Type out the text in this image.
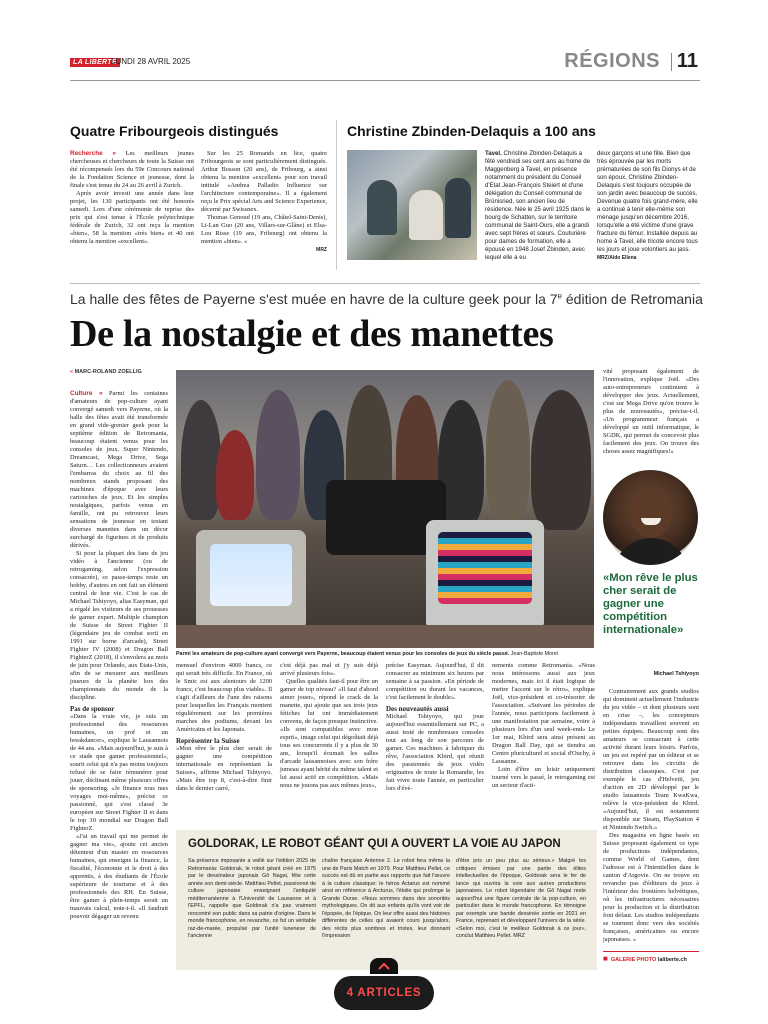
LA LIBERTÉ
LUNDI 28 AVRIL 2025	RÉGIONS 11
Quatre Fribourgeois distingués

Recherche » Les meilleurs jeunes chercheuses et chercheurs de toute la Suisse ont été récompensés lors du 59e Concours national de la Fondation Science et jeunesse, dont la finale s'est tenue du 24 au 26 avril à Zurich.

Après avoir investi une année dans leur projet, les 130 participants ont été honorés samedi. Lors d'une cérémonie de reprise des prix qui s'est tenue à l'École polytechnique fédérale de Zurich, 32 ont reçu la mention «bien», 58 la mention «très bien» et 40 ont obtenu la mention «excellent».

Sur les 25 Romands en lice, quatre Fribourgeois se sont particulièrement distingués. Arthur Bosson (20 ans), de Fribourg, a ainsi obtenu la mention «excellent» pour son travail intitulé «Andrea Palladio Influence sur l'architecture contemporaine». Il a également reçu le Prix spécial Arts and Science Experience, décerné par Swissnex.

Thomas Genoud (19 ans, Châtel-Saint-Denis), Li-Lan Guo (20 ans, Villars-sur-Glâne) et Elsa-Lou Risse (19 ans, Fribourg) ont obtenu la mention «bien». »

MRZ
Christine Zbinden-Delaquis a 100 ans
Tavel. Christine Zbinden-Delaquis a fêté vendredi ses cent ans au home de Maggenberg à Tavel, en présence notamment du président du Conseil d'Etat Jean-François Steiert et d'une délégation du Conseil communal de Brünisried, son ancien lieu de résidence. Née le 25 avril 1925 dans le bourg de Schatten, sur le territoire communal de Saint-Ours, elle a grandi avec sept frères et sœurs. Couturière pour dames de formation, elle a épousé en 1948 Josef Zbinden, avec lequel elle a eu
deux garçons et une fille. Bien que très éprouvée par les morts prématurées de son fils Dionys et de son époux, Christine Zbinden-Delaquis s'est toujours occupée de son jardin avec beaucoup de succès. Devenue quatre fois grand-mère, elle a continué à tenir elle-même son ménage jusqu'en décembre 2016, lorsqu'elle a été victime d'une grave fracture du fémur. Installée depuis au home à Tavel, elle tricote encore tous les jours et joue volontiers au jass. MRZ/Aldo Ellena
La halle des fêtes de Payerne s'est muée en havre de la culture geek pour la 7e édition de Retromania
De la nostalgie et des manettes
« MARC-ROLAND ZOELLIG

Culture » Parmi les centaines d'amateurs de pop-culture ayant convergé samedi vers Payerne, où la halle des fêtes avait été transformée en grand vide-grenier geek pour la septième édition de Retromania, beaucoup étaient venus pour les consoles de jeux. Super Nintendo, Dreamcast, Mega Drive, Sega Saturn… Les collectionneurs avaient l'embarras du choix au fil des nombreux stands proposant des machines d'époque avec leurs cartouches de jeux. Et les simples nostalgiques, parfois venus en famille, ont pu retrouver leurs sensations de jeunesse en testant diverses manettes dans un décor surchargé de figurines et de produits dérivés.

Si pour la plupart des fans de jeu vidéo à l'ancienne (ou de retrogaming, selon l'expression consacrée), ce passe-temps reste un hobby, d'autres en ont fait un élément central de leur vie. C'est le cas de Michael Tshiyoyo, alias Easyman, qui a régalé les visiteurs de ses prouesses de gamer expert. Multiple champion de Suisse de Street Fighter II (légendaire jeu de combat sorti en 1991 sur borne d'arcade), Street Fighter IV (2008) et Dragon Ball FighterZ (2018), il s'envolera au mois de juin pour Orlando, aux Etats-Unis, afin de se mesurer aux meilleurs joueurs de la planète lors des championnats du monde de la discipline.

Pas de sponsor

«Dans la vraie vie, je suis un professionnel des ressources humaines, un prof et un breakdancer», explique le Lausannois de 44 ans. «Mais aujourd'hui, je suis à ce stade que gamer professionnel», sourit celui qui n'a pas moins toujours refusé de se faire rémunérer pour jouer, déclinant même plusieurs offres de sponsoring. «Je finance tous mes voyages moi-même», précise ce passionné, qui s'est classé 3e européen sur Street Fighter II et dans le top 10 mondial sur Dragon Ball FighterZ.

«J'ai un travail qui me permet de gagner ma vie», ajoute cet ancien détenteur d'un master en ressources humaines, qui enseigne la finance, la fiscalité, l'économie et le droit à des apprentis, à des étudiants de l'École supérieure de tourisme et à des professionnels des RH. En Suisse, être gamer à plein-temps serait un mauvais calcul, note-t-il. «Il faudrait pouvoir dégager un revenu

Parmi les amateurs de pop-culture ayant convergé vers Payerne, beaucoup étaient venus pour les consoles de jeux du siècle passé. Jean-Baptiste Morel

mensuel d'environ 4000 francs, ce qui serait très difficile. En France, où le Smic est aux alentours de 1200 francs, c'est beaucoup plus viable». Il s'agit d'ailleurs de l'une des raisons pour lesquelles les Français montent régulièrement sur les premières marches des podiums, devant les Américains et les Japonais.

Représenter la Suisse

«Mon rêve le plus cher serait de gagner une compétition internationale en représentant la Suisse», affirme Michael Tshiyoyo. «Mais être top 8, c'est-à-dire finir dans le dernier carré,

c'est déjà pas mal et j'y suis déjà arrivé plusieurs fois».

Quelles qualités faut-il pour être un gamer de top niveau? «Il faut d'abord aimer jouer», répond le crack de la manette, qui ajoute que ses trois jeux fétiches lui ont immédiatement convenu, de façon presque instinctive. «Ils sont compatibles avec mon esprit», image celui qui dégoûtait déjà tous ses concurrents il y a plus de 30 ans, lorsqu'il écumait les salles d'arcade lausannoises avec son frère jumeau ayant hérité du même talent et lui aussi actif en compétition. «Mais nous ne jouons pas aux mêmes jeux»,

précise Easyman. Aujourd'hui, il dit consacrer au minimum six heures par semaine à sa passion. «En période de compétition ou durant les vacances, c'est facilement le double».

Des nouveautés aussi

Michael Tshiyoyo, qui joue aujourd'hui essentiellement sur PC, a aussi testé de nombreuses consoles tout au long de son parcours de gamer. Ces machines à fabriquer du rêve, l'association Kbird, qui réunit des passionnés de jeux vidéo originaires de toute la Romandie, les fait vivre toute l'année, en particulier lors d'évé-

nements comme Retromania. «Nous nous intéressons aussi aux jeux modernes, mais ici il était logique de mettre l'accent sur le rétro», explique Joël, vice-président et co-trésorier de l'association. «Suivant les périodes de l'année, nous participons facilement à une manifestation par semaine, voire à plusieurs lors d'un seul week-end» Le 1er mai, Kbird sera ainsi présent au Dragon Ball Day, qui se tiendra au Centre pluriculturel et social d'Ouchy, à Lausanne.

Loin d'être un loisir uniquement tourné vers le passé, le retrogaming est un secteur d'acti-

vité proposant également de l'innovation, explique Joël. «Des auto-entrepreneurs continuent à développer des jeux. Actuellement, c'est sur Mega Drive qu'on trouve le plus de nouveautés», précise-t-il. «Un programmeur français a développé un outil informatique, le SGDK, qui permet de concevoir plus facilement des jeux. On trouve des choses assez magnifiques!»

«Mon rêve le plus cher serait de gagner une compétition internationale»
Michael Tshiyoyo

Contrairement aux grands studios qui dominent actuellement l'industrie du jeu vidéo – et dont plusieurs sont en crise –, les concepteurs indépendants travaillent souvent en petites équipes. Beaucoup sont des amateurs se consacrant à cette activité durant leurs loisirs. Parfois, un jeu est repéré par un éditeur et se retrouve dans les circuits de distribution classiques. C'est par exemple le cas d'Helvetii, jeu d'action en 2D développé par le studio lausannois Team KwaKwa, relève le vice-président de Kbird. «Aujourd'hui, il est notamment disponible sur Steam, PlayStation 4 et Nintendo Switch.»

Des magasins en ligne basés en Suisse proposent également ce type de productions indépendantes, comme World of Games, dont l'adresse est à l'Intentiellen dans le canton d'Argovie. On ne trouve en revanche pas d'éditeurs de jeux à l'intérieur des frontières helvétiques, où les infrastructures nécessaires pour la production et la distribution font défaut. Les studios indépendants se tournent donc vers des sociétés françaises, américaines ou encore japonaises. »

GOLDORAK, LE ROBOT GÉANT QUI A OUVERT LA VOIE AU JAPON
Sa présence imposante a veillé sur l'édition 2025 de Retromania: Goldorak, le robot géant créé en 1975 par le dessinateur japonais Gô Nagai, fête cette année son demi-siècle. Matthieu Pellet, passionné de culture japonaise enseignant l'antiquité méditerranéenne à l'Université de Lausanne et à l'EPFL, rappelle que Goldorak n'a pas vraiment rencontré son public dans sa patrie d'origine. Dans le monde francophone, en revanche, ce fut un véritable raz-de-marée, propulsé par l'unité lunenese de l'ancienne
chaîne française Antenne 2. Le robot fera même la une de Paris Match en 1979. Pour Matthieu Pellet, ce succès est dû en partie aux rapports que fait l'œuvre à la culture classique: le héros Actarus est nommé ainsi en référence à Arcturus, l'étoile qui prolonge la Grande Ourse. «Nous sommes dans des sonorités mythologiques. On dit aux enfants qu'ils vont voir de l'épopée, de l'épique. On leur offre aussi des histoires différentes de celles qui avaient cours jusqu'alors, des récits plus sombres et tristes, leur donnant l'impression
d'être pris un peu plus au sérieux.» Malgré les critiques émises par une partie des élites intellectuelles de l'époque, Goldorak sera le fer de lance qui ouvrira la voie aux autres productions japonaises. Le robot légendaire de Gô Nagai reste aujourd'hui une figure centrale de la pop-culture, en particulier dans le monde francophone. En témoigne par exemple une bande dessinée sortie en 2021 en France, reprenant et développant l'univers de la série. «Selon moi, c'est le meilleur Goldorak à ce jour», conclut Matthieu Pellet. MRZ
■ GALERIE PHOTO laliberte.ch
4 ARTICLES
